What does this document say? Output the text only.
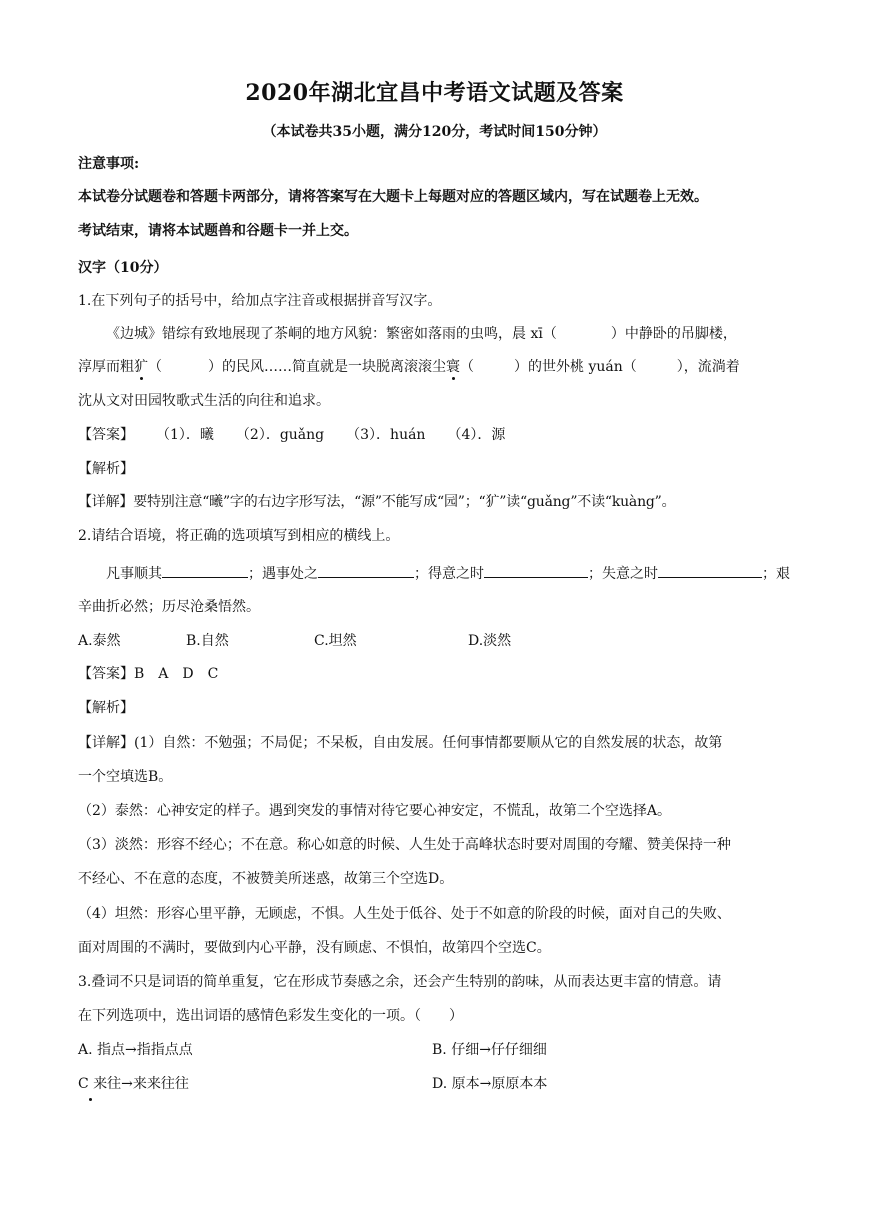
2020年湖北宜昌中考语文试题及答案
（本试卷共35小题，满分120分，考试时间150分钟）
注意事项:
本试卷分试题卷和答题卡两部分，请将答案写在大题卡上每题对应的答题区域内，写在试题卷上无效。
考试结束，请将本试题兽和谷题卡一并上交。
汉字（10分）
1.在下列句子的括号中，给加点字注音或根据拼音写汉字。
《边城》错综有致地展现了茶峒的地方风貌：繁密如落雨的虫鸣，晨 xī（	）中静卧的吊脚楼，
淳厚而粗犷（	）的民风……简直就是一块脱离滚滚尘寰（	）的世外桃 yuán（	），流淌着
沈从文对田园牧歌式生活的向往和追求。
【答案】 （1）．曦 （2）．guǎng （3）．huán （4）．源
【解析】
【详解】要特别注意“曦”字的右边字形写法，“源”不能写成“园”；“犷”读“guǎng”不读“kuàng”。
2.请结合语境，将正确的选项填写到相应的横线上。
凡事顺其	；遇事处之	；得意之时	；失意之时	；艰
辛曲折必然；历尽沧桑悟然。
A.泰然	B.自然	C.坦然	D.淡然
【答案】B　A　D　C
【解析】
【详解】(1）自然：不勉强；不局促；不呆板，自由发展。任何事情都要顺从它的自然发展的状态，故第
一个空填选B。
（2）泰然：心神安定的样子。遇到突发的事情对待它要心神安定，不慌乱，故第二个空选择A。
（3）淡然：形容不经心；不在意。称心如意的时候、人生处于高峰状态时要对周围的夸耀、赞美保持一种
不经心、不在意的态度，不被赞美所迷惑，故第三个空选D。
（4）坦然：形容心里平静，无顾虑，不惧。人生处于低谷、处于不如意的阶段的时候，面对自己的失败、
面对周围的不满时，要做到内心平静，没有顾虑、不惧怕，故第四个空选C。
3.叠词不只是词语的简单重复，它在形成节奏感之余，还会产生特别的韵味，从而表达更丰富的情意。请
在下列选项中，选出词语的感情色彩发生变化的一项。（　　）
A. 指点→指指点点	B. 仔细→仔仔细细
C 来往→来来往往	D. 原本→原原本本
